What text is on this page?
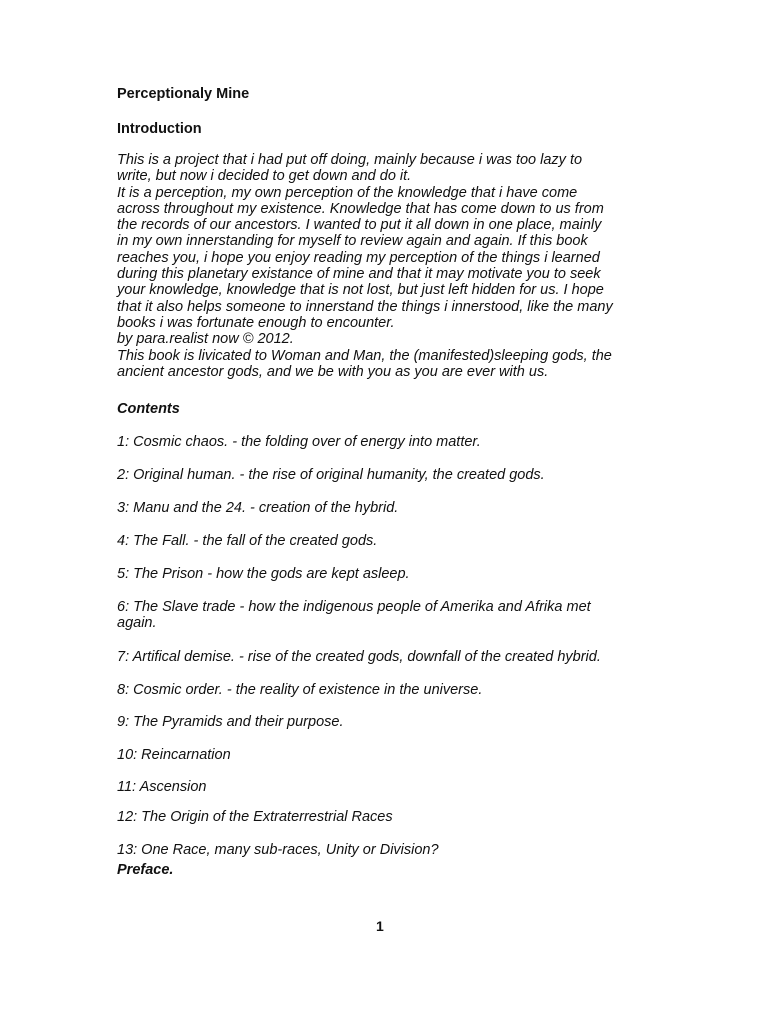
Perceptionaly Mine
Introduction

This is a project that i had put off doing, mainly because i was too lazy to

write, but now i decided to get down and do it.

It is a perception, my own perception of the knowledge that i have come

across throughout my existence. Knowledge that has come down to us from

the records of our ancestors. I wanted to put it all down in one place, mainly

in my own innerstanding for myself to review again and again. If this book

reaches you, i hope you enjoy reading my perception of the things i learned

during this planetary existance of mine and that it may motivate you to seek

your knowledge, knowledge that is not lost, but just left hidden for us. I hope

that it also helps someone to innerstand the things i innerstood, like the many

books i was fortunate enough to encounter.

by para.realist now © 2012.

This book is livicated to Woman and Man, the (manifested)sleeping gods, the

ancient ancestor gods, and we be with you as you are ever with us.

Contents
1: Cosmic chaos. - the folding over of energy into matter.
2: Original human. - the rise of original humanity, the created gods.
3: Manu and the 24. - creation of the hybrid.
4: The Fall. - the fall of the created gods.
5: The Prison - how the gods are kept asleep.
6: The Slave trade - how the indigenous people of Amerika and Afrika met
again.
7: Artifical demise. - rise of the created gods, downfall of the created hybrid.
8: Cosmic order. - the reality of existence in the universe.
9: The Pyramids and their purpose.
10: Reincarnation
11: Ascension
12: The Origin of the Extraterrestrial Races
13: One Race, many sub-races, Unity or Division?
Preface.
1
